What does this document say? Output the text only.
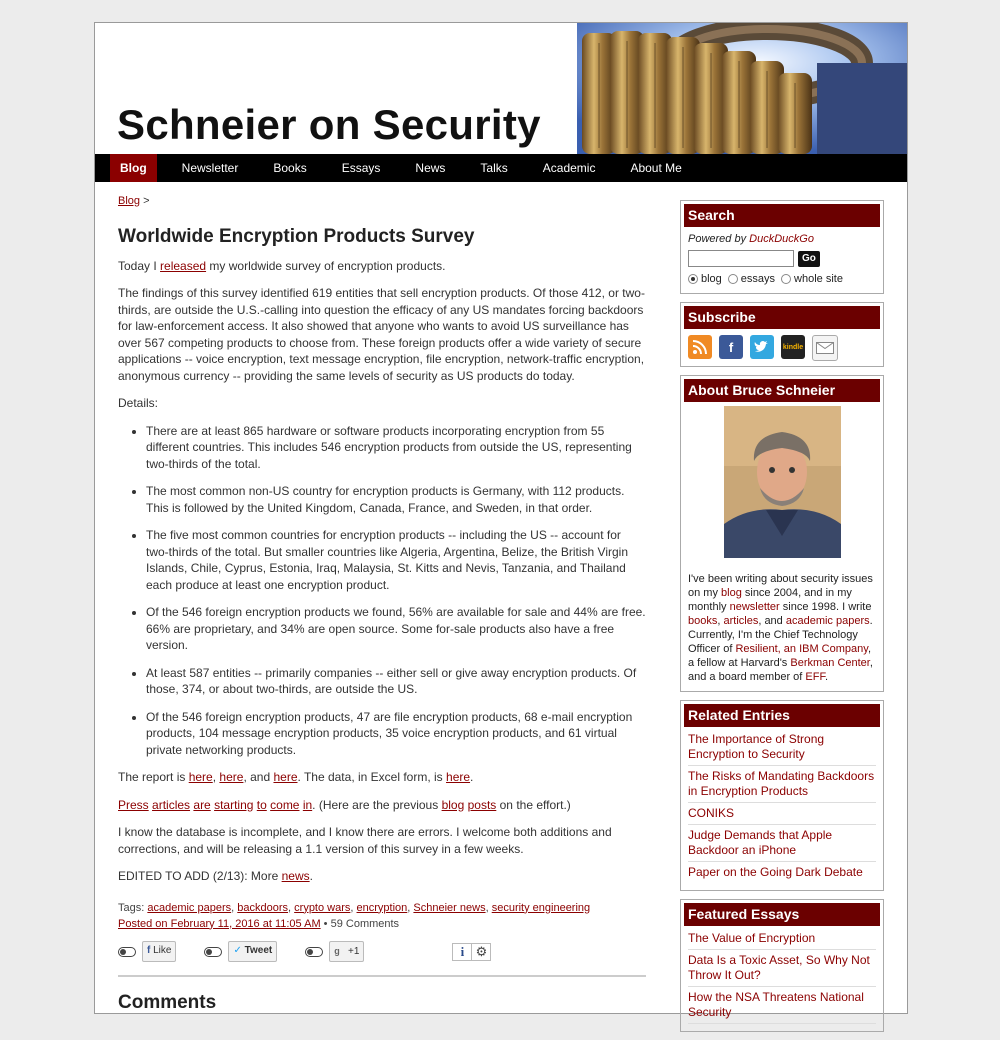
Schneier on Security
Blog	Newsletter	Books	Essays	News	Talks	Academic	About Me
Blog >
Worldwide Encryption Products Survey

Today I released my worldwide survey of encryption products.

The findings of this survey identified 619 entities that sell encryption products. Of those 412, or two-thirds, are outside the U.S.-calling into question the efficacy of any US mandates forcing backdoors for law-enforcement access. It also showed that anyone who wants to avoid US surveillance has over 567 competing products to choose from. These foreign products offer a wide variety of secure applications -- voice encryption, text message encryption, file encryption, network-traffic encryption, anonymous currency -- providing the same levels of security as US products do today.

Details:

• There are at least 865 hardware or software products incorporating encryption from 55 different countries. This includes 546 encryption products from outside the US, representing two-thirds of the total.
• The most common non-US country for encryption products is Germany, with 112 products. This is followed by the United Kingdom, Canada, France, and Sweden, in that order.
• The five most common countries for encryption products -- including the US -- account for two-thirds of the total. But smaller countries like Algeria, Argentina, Belize, the British Virgin Islands, Chile, Cyprus, Estonia, Iraq, Malaysia, St. Kitts and Nevis, Tanzania, and Thailand each produce at least one encryption product.
• Of the 546 foreign encryption products we found, 56% are available for sale and 44% are free. 66% are proprietary, and 34% are open source. Some for-sale products also have a free version.
• At least 587 entities -- primarily companies -- either sell or give away encryption products. Of those, 374, or about two-thirds, are outside the US.
• Of the 546 foreign encryption products, 47 are file encryption products, 68 e-mail encryption products, 104 message encryption products, 35 voice encryption products, and 61 virtual private networking products.

The report is here, here, and here. The data, in Excel form, is here.

Press articles are starting to come in. (Here are the previous blog posts on the effort.)

I know the database is incomplete, and I know there are errors. I welcome both additions and corrections, and will be releasing a 1.1 version of this survey in a few weeks.

EDITED TO ADD (2/13): More news.

Tags: academic papers, backdoors, crypto wars, encryption, Schneier news, security engineering
Posted on February 11, 2016 at 11:05 AM • 59 Comments
f Like	✓ Tweet	g +1	i ⚙
Comments
Search
Powered by DuckDuckGo
Go
blog essays whole site
Subscribe
f	kindle
About Bruce Schneier
I've been writing about security issues on my blog since 2004, and in my monthly newsletter since 1998. I write books, articles, and academic papers. Currently, I'm the Chief Technology Officer of Resilient, an IBM Company, a fellow at Harvard's Berkman Center, and a board member of EFF.
Related Entries
The Importance of Strong Encryption to Security
The Risks of Mandating Backdoors in Encryption Products
CONIKS
Judge Demands that Apple Backdoor an iPhone
Paper on the Going Dark Debate
Featured Essays
The Value of Encryption
Data Is a Toxic Asset, So Why Not Throw It Out?
How the NSA Threatens National Security
